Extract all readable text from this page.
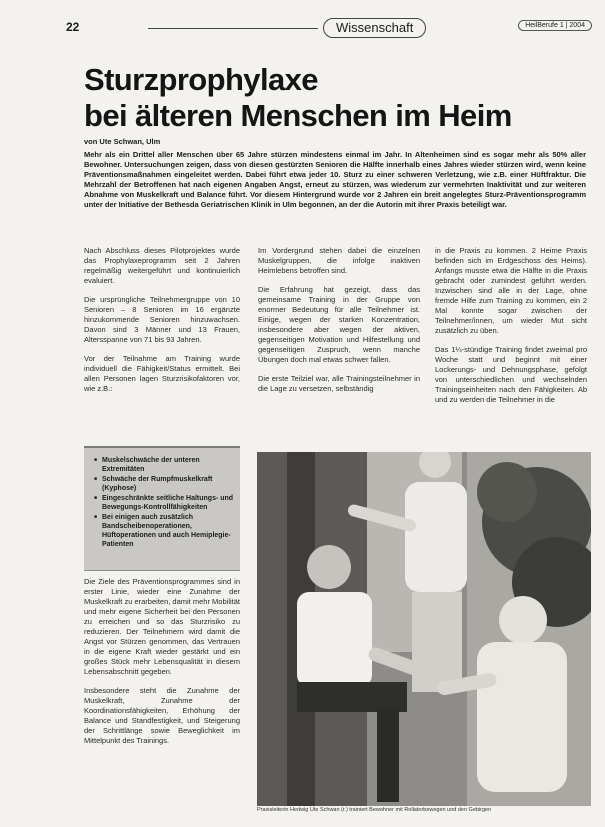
22	Wissenschaft	HeilBerufe 1 | 2004
Sturzprophylaxe
bei älteren Menschen im Heim
von Ute Schwan, Ulm
Mehr als ein Drittel aller Menschen über 65 Jahre stürzen mindestens einmal im Jahr. In Altenheimen sind es sogar mehr als 50% aller Bewohner. Untersuchungen zeigen, dass von diesen gestürzten Senioren die Hälfte innerhalb eines Jahres wieder stürzen wird, wenn keine Präventionsmaßnahmen eingeleitet werden. Dabei führt etwa jeder 10. Sturz zu einer schweren Verletzung, wie z.B. einer Hüftfraktur. Die Mehrzahl der Betroffenen hat nach eigenen Angaben Angst, erneut zu stürzen, was wiederum zur vermehrten Inaktivität und zur weiteren Abnahme von Muskelkraft und Balance führt. Vor diesem Hintergrund wurde vor 2 Jahren ein breit angelegtes Sturz-Präventionsprogramm unter der Initiative der Bethesda Geriatrischen Klinik in Ulm begonnen, an der die Autorin mit ihrer Praxis beteiligt war.

Nach Abschluss dieses Pilotprojektes wurde das Prophylaxeprogramm seit 2 Jahren regelmäßig weitergeführt und kontinuierlich evaluiert.

Die ursprüngliche Teilnehmergruppe von 10 Senioren – 8 Senioren im 16 ergänzte hinzukommende Senioren hinzuwachsen. Davon sind 3 Männer und 13 Frauen, Altersspanne von 71 bis 93 Jahren.

Vor der Teilnahme am Training wurde individuell die Fähigkeit/Status ermittelt. Bei allen Personen lagen Sturzrisikofaktoren vor, wie z.B.:

■ Muskelschwäche der unteren Extremitäten
■ Schwäche der Rumpfmuskelkraft (Kyphose)
■ Eingeschränkte seitliche Haltungs- und Bewegungs-Kontrollfähigkeiten
■ Bei einigen auch zusätzlich Bandscheibenoperationen, Hüftoperationen und auch Hemiplegie-Patienten

Die Ziele des Präventionsprogrammes sind in erster Linie, wieder eine Zunahme der Muskelkraft zu erarbeiten, damit mehr Mobilität und mehr eigene Sicherheit bei den Personen zu erreichen und so das Sturzrisiko zu reduzieren. Der Teilnehmern wird damit die Angst vor Stürzen genommen, das Vertrauen in die eigene Kraft wieder gestärkt und ein großes Stück mehr Lebensqualität in diesem Lebensabschnitt gegeben.

Insbesondere steht die Zunahme der Muskelkraft, Zunahme der Koordinationsfähigkeiten, Erhöhung der Balance und Standfestigkeit, und Steigerung der Schrittlänge sowie Beweglichkeit im Mittelpunkt des Trainings.

Im Vordergrund stehen dabei die einzelnen Muskelgruppen, die infolge inaktiven Heimlebens betroffen sind.

Die Erfahrung hat gezeigt, dass das gemeinsame Training in der Gruppe von enormer Bedeutung für alle Teilnehmer ist. Einige, wegen der starken Konzentration, insbesondere aber wegen der aktiven, gegenseitigen Motivation und Hilfestellung und gegenseitigen Zuspruch, wenn manche Übungen doch mal etwas schwer fallen.

Die erste Teilziel war, alle Trainingsteilnehmer in die Lage zu versetzen, selbständig

in die Praxis zu kommen. 2 Heime Praxis befinden sich im Erdgeschoss des Heims). Anfangs musste etwa die Hälfte in die Praxis gebracht oder zumindest geführt werden. Inzwischen sind alle in der Lage, ohne fremde Hilfe zum Training zu kommen, ein 2 Mal konnte sogar zwischen der Teilnehmer/innen, um wieder Mut sicht zusätzlich zu üben.

Das 1¼-stündige Training findet zweimal pro Woche statt und beginnt mit einer Lockerungs- und Dehnungsphase, gefolgt von unterschiedlichen und wechselnden Trainingseinheiten nach den Fähigkeiten. Ab und zu werden die Teilnehmer in die

Praxisleiterin Hedwig Ute Schwan (r.) trainiert Bewohner mit Rollatorbewegen und den Gebirgen
